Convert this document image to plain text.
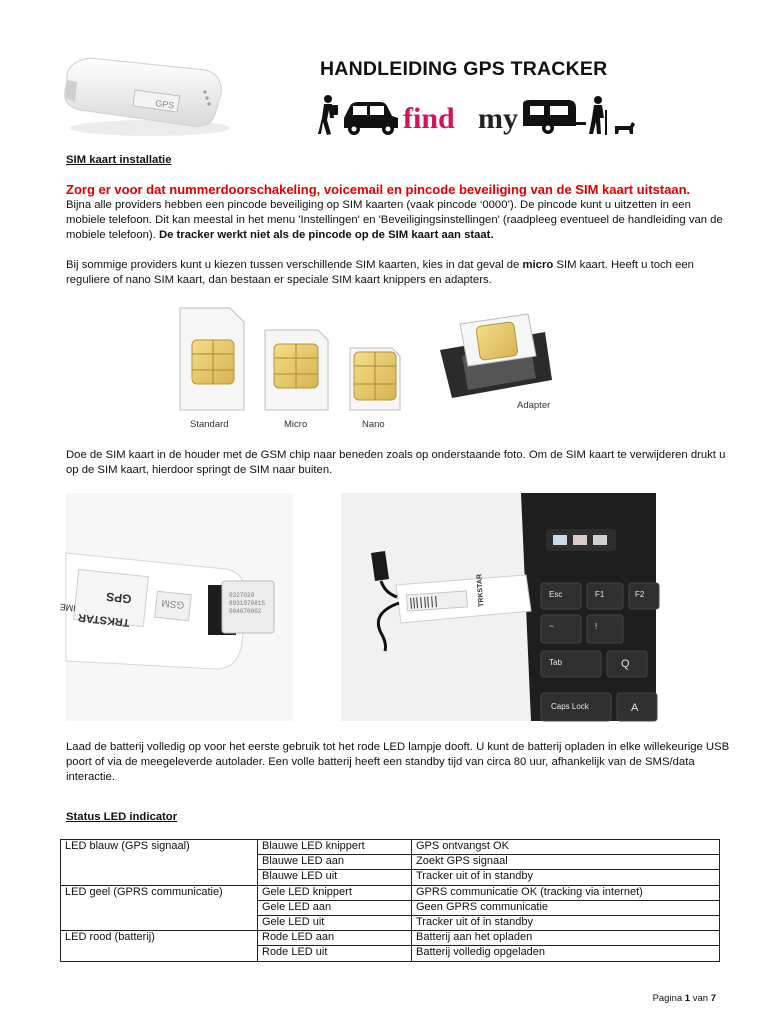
GPS
HANDLEIDING GPS TRACKER
find my
SIM kaart installatie
Zorg er voor dat nummerdoorschakeling, voicemail en pincode beveiliging van de SIM kaart uitstaan.

Bijna alle providers hebben een pincode beveiliging op SIM kaarten (vaak pincode ‘0000’). De pincode kunt u uitzetten in een mobiele telefoon. Dit kan meestal in het menu 'Instellingen' en 'Beveiligingsinstellingen' (raadpleeg eventueel de handleiding van de mobiele telefoon). De tracker werkt niet als de pincode op de SIM kaart aan staat.

Bij sommige providers kunt u kiezen tussen verschillende SIM kaarten, kies in dat geval de micro SIM kaart. Heeft u toch een reguliere of nano SIM kaart, dan bestaan er speciale SIM kaart knippers en adapters.

Standard	Micro	Nano
Adapter

Doe de SIM kaart in de houder met de GSM chip naar beneden zoals op onderstaande foto. Om de SIM kaart te verwijderen drukt u op de SIM kaart, hierdoor springt de SIM naar buiten.

0327020
893107081S
004870002
GSM
GPS
TRKSTAR
IME
Esc	F1	F2
~	!
Tab	Q
Caps Lock	A
TRKSTAR

Laad de batterij volledig op voor het eerste gebruik tot het rode LED lampje dooft. U kunt de batterij opladen in elke willekeurige USB poort of via de meegeleverde autolader. Een volle batterij heeft een standby tijd van circa 80 uur, afhankelijk van de SMS/data interactie.

Status LED indicator
LED blauw (GPS signaal)	Blauwe LED knippert	GPS ontvangst OK
	Blauwe LED aan	Zoekt GPS signaal
	Blauwe LED uit	Tracker uit of in standby
LED geel (GPRS communicatie)	Gele LED knippert	GPRS communicatie OK (tracking via internet)
	Gele LED aan	Geen GPRS communicatie
	Gele LED uit	Tracker uit of in standby
LED rood (batterij)	Rode LED aan	Batterij aan het opladen
	Rode LED uit	Batterij volledig opgeladen
Pagina 1 van 7
